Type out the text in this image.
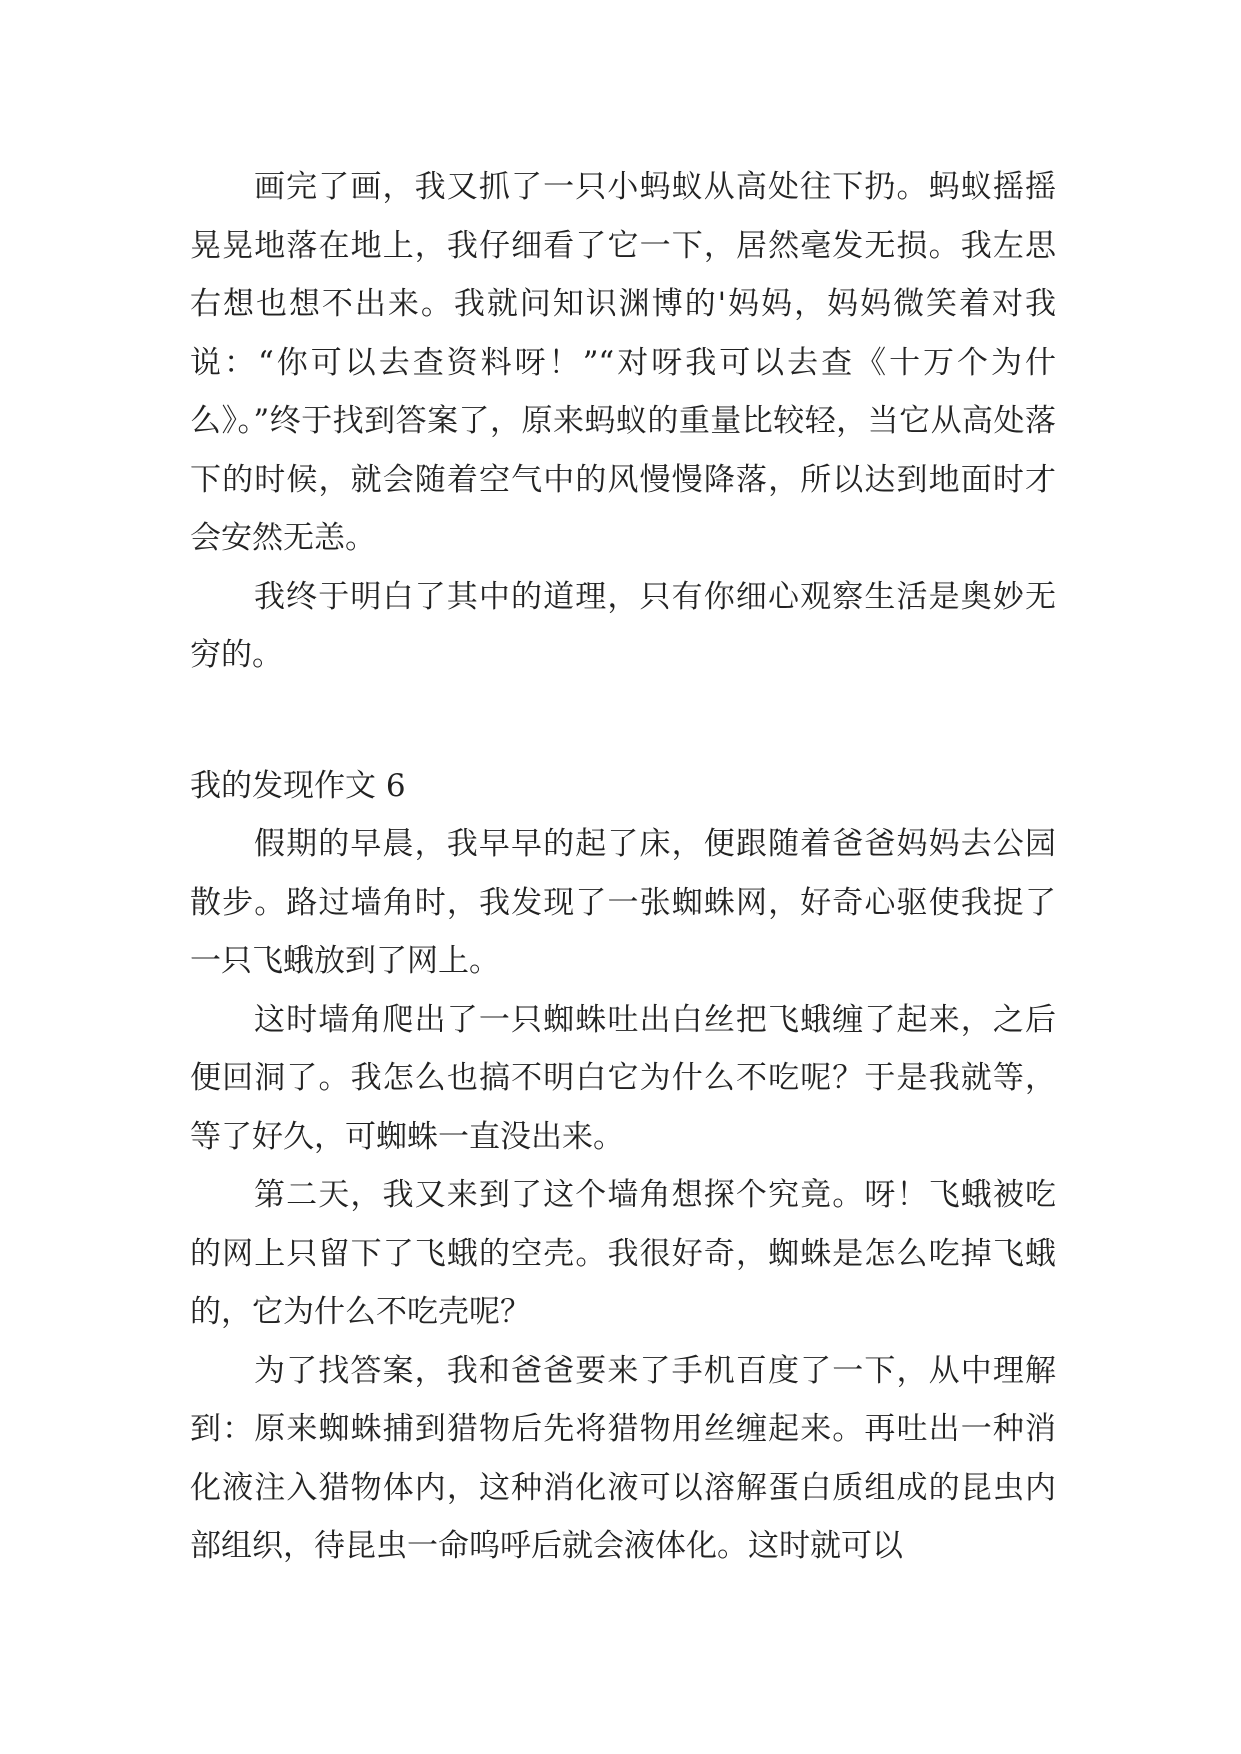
画完了画，我又抓了一只小蚂蚁从高处往下扔。蚂蚁摇摇晃晃地落在地上，我仔细看了它一下，居然毫发无损。我左思右想也想不出来。我就问知识渊博的'妈妈，妈妈微笑着对我说：“你可以去查资料呀！”“对呀我可以去查《十万个为什么》。”终于找到答案了，原来蚂蚁的重量比较轻，当它从高处落下的时候，就会随着空气中的风慢慢降落，所以达到地面时才会安然无恙。

我终于明白了其中的道理，只有你细心观察生活是奥妙无穷的。

我的发现作文 6

假期的早晨，我早早的起了床，便跟随着爸爸妈妈去公园散步。路过墙角时，我发现了一张蜘蛛网，好奇心驱使我捉了一只飞蛾放到了网上。

这时墙角爬出了一只蜘蛛吐出白丝把飞蛾缠了起来，之后便回洞了。我怎么也搞不明白它为什么不吃呢？于是我就等，等了好久，可蜘蛛一直没出来。

第二天，我又来到了这个墙角想探个究竟。呀！飞蛾被吃的网上只留下了飞蛾的空壳。我很好奇，蜘蛛是怎么吃掉飞蛾的，它为什么不吃壳呢？

为了找答案，我和爸爸要来了手机百度了一下，从中理解到：原来蜘蛛捕到猎物后先将猎物用丝缠起来。再吐出一种消化液注入猎物体内，这种消化液可以溶解蛋白质组成的昆虫内部组织，待昆虫一命呜呼后就会液体化。这时就可以
